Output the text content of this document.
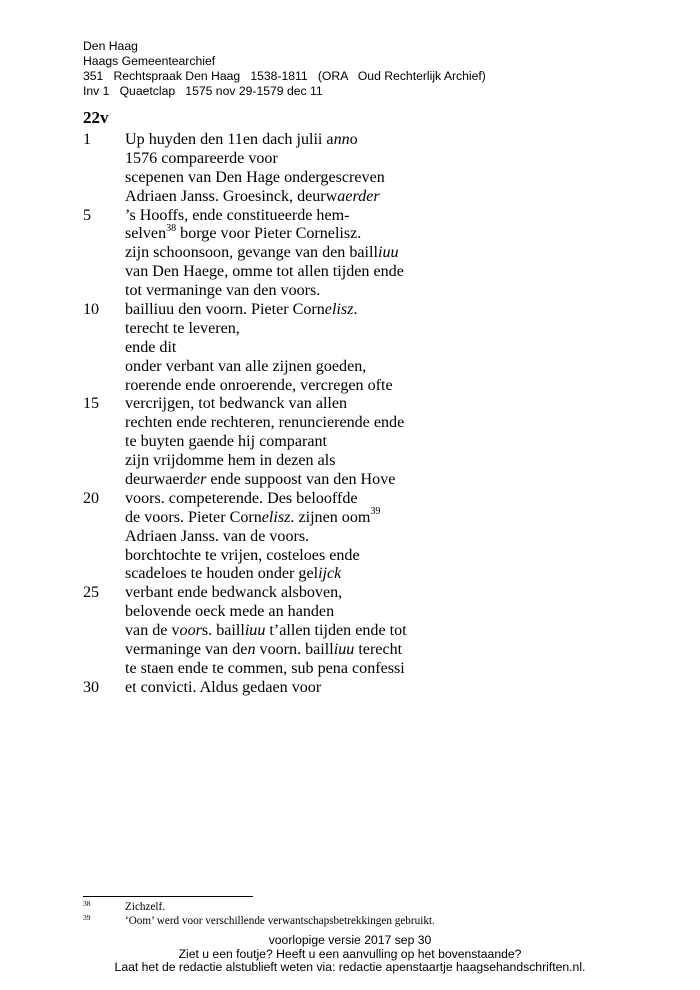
Den Haag
Haags Gemeentearchief
351   Rechtspraak Den Haag   1538-1811   (ORA   Oud Rechterlijk Archief)
Inv 1   Quaetclap   1575 nov 29-1579 dec 11
22v
1 Up huyden den 11en dach julii anno
1576 compareerde voor
scepenen van Den Hage ondergescreven
Adriaen Janss. Groesinck, deurwaerder
5 ’s Hooffs, ende constitueerde hem-
selven$^{38}$ borge voor Pieter Cornelisz.
zijn schoonsoon, gevange van den bailliuu
van Den Haege, omme tot allen tijden ende
tot vermaninge van den voors.
10 bailliuu den voorn. Pieter Cornelisz.
terecht te leveren,
ende dit
onder verbant van alle zijnen goeden,
roerende ende onroerende, vercregen ofte
15 vercrijgen, tot bedwanck van allen
rechten ende rechteren, renuncierende ende
te buyten gaende hij comparant
zijn vrijdomme hem in dezen als
deurwaerder ende suppoost van den Hove
20 voors. competerende. Des belooffde
de voors. Pieter Cornelisz. zijnen oom$^{39}$
Adriaen Janss. van de voors.
borchtochte te vrijen, costeloes ende
scadeloes te houden onder gelijck
25 verbant ende bedwanck alsboven,
belovende oeck mede an handen
van de voors. bailliuu t’allen tijden ende tot
vermaninge van den voorn. bailliuu terecht
te staen ende te commen, sub pena confessi
30 et convicti. Aldus gedaen voor
38	Zichzelf.
39	‘Oom’ werd voor verschillende verwantschapsbetrekkingen gebruikt.
voorlopige versie 2017 sep 30
Ziet u een foutje? Heeft u een aanvulling op het bovenstaande?
Laat het de redactie alstublieft weten via: redactie apenstaartje haagsehandschriften.nl.
